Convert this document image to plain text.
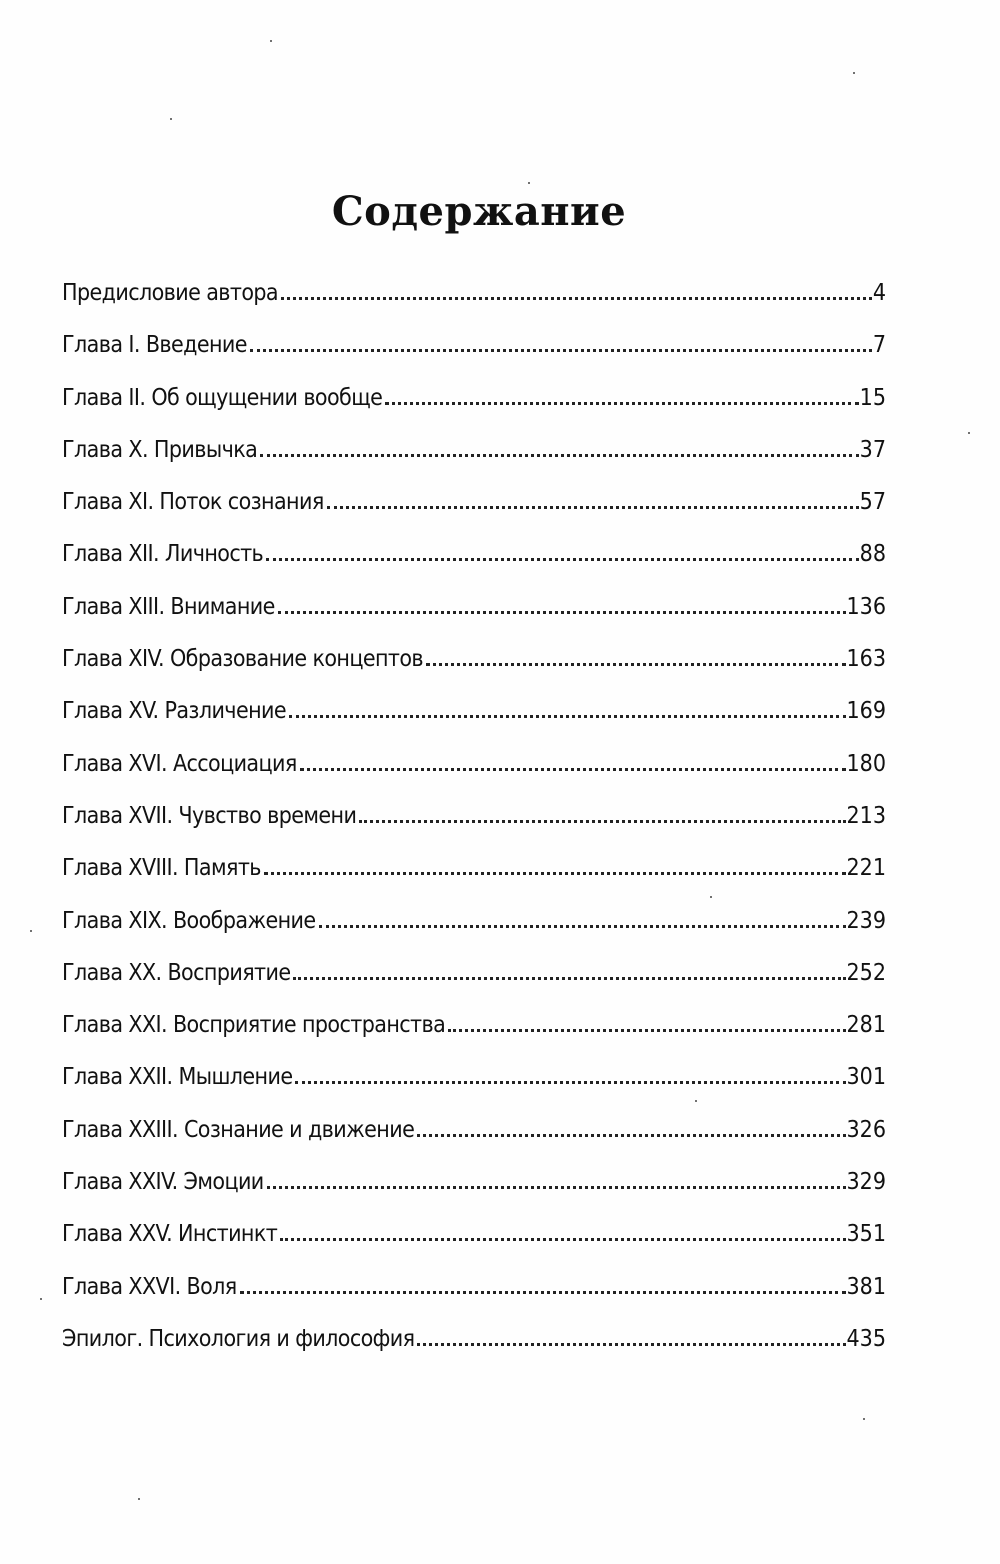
Содержание
Предисловие автора	4
Глава I. Введение	7
Глава II. Об ощущении вообще	15
Глава X. Привычка	37
Глава XI. Поток сознания	57
Глава XII. Личность	88
Глава XIII. Внимание	136
Глава XIV. Образование концептов	163
Глава XV. Различение	169
Глава XVI. Ассоциация	180
Глава XVII. Чувство времени	213
Глава XVIII. Память	221
Глава XIX. Воображение	239
Глава XX. Восприятие	252
Глава XXI. Восприятие пространства	281
Глава XXII. Мышление	301
Глава XXIII. Сознание и движение	326
Глава XXIV. Эмоции	329
Глава XXV. Инстинкт	351
Глава XXVI. Воля	381
Эпилог. Психология и философия	435
